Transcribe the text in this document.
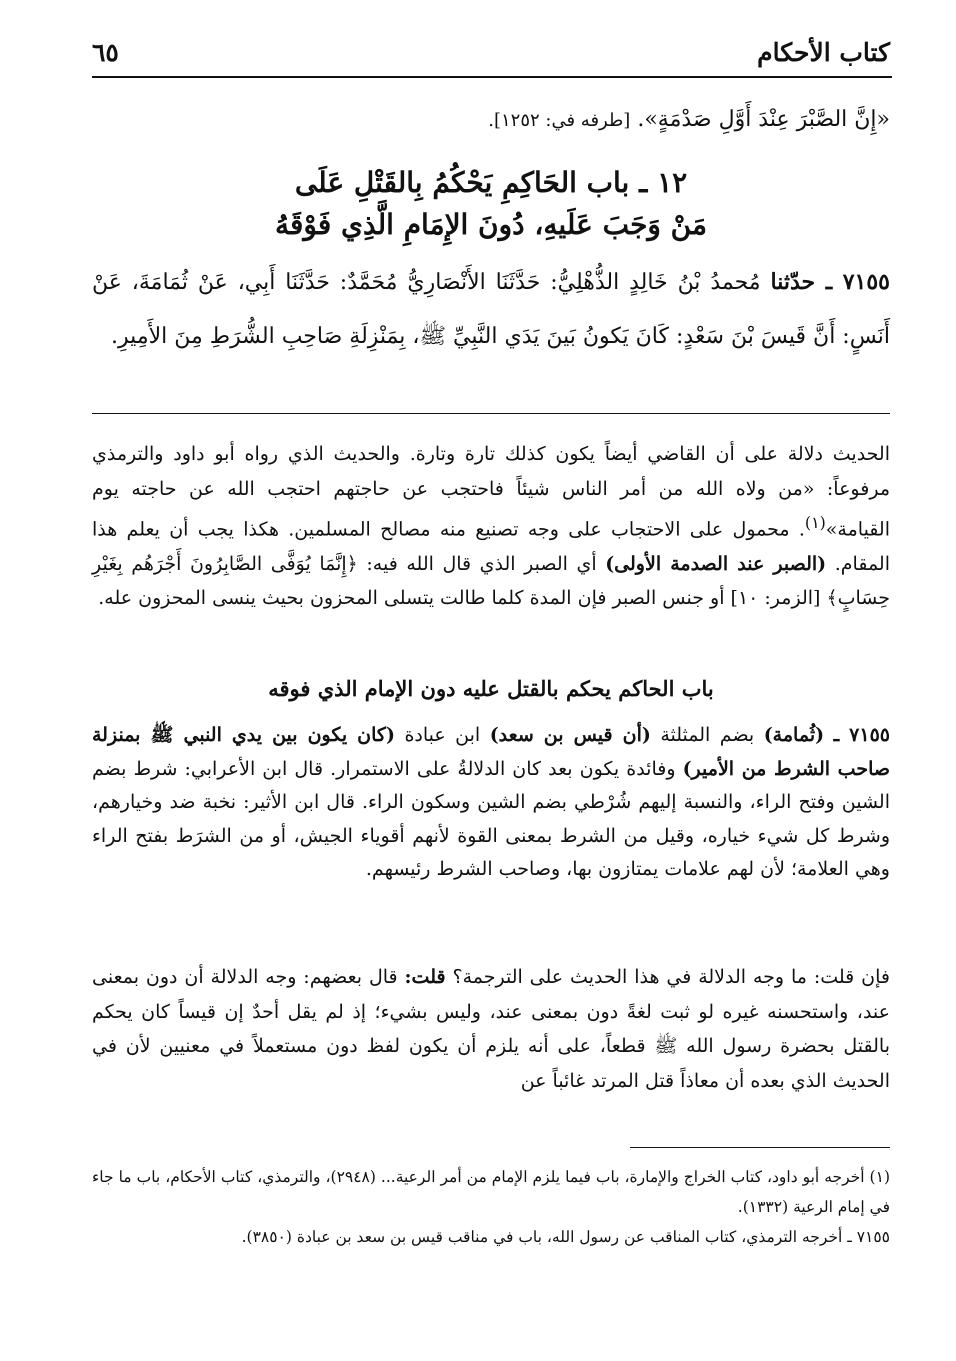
كتاب الأحكام
٦٥
«إِنَّ الصَّبْرَ عِنْدَ أَوَّلِ صَدْمَةٍ». [طرفه في: ١٢٥٢].
١٢ ـ باب الحَاكِمِ يَحْكُمُ بِالقَتْلِ عَلَى
مَنْ وَجَبَ عَلَيهِ، دُونَ الإِمَامِ الَّذِي فَوْقَهُ
٧١٥٥ ـ حدّثنا مُحمدُ بْنُ خَالِدٍ الذُّهْلِيُّ: حَدَّثَنَا الأَنْصَارِيُّ مُحَمَّدٌ: حَدَّثَنَا أَبِي، عَنْ ثُمَامَةَ، عَنْ أَنَسٍ: أَنَّ قَيسَ بْنَ سَعْدٍ: كَانَ يَكونُ بَينَ يَدَي النَّبِيِّ ﷺ، بِمَنْزِلَةِ صَاحِبِ الشُّرَطِ مِنَ الأَمِيرِ.
الحديث دلالة على أن القاضي أيضاً يكون كذلك تارة وتارة. والحديث الذي رواه أبو داود والترمذي مرفوعاً: «من ولاه الله من أمر الناس شيئاً فاحتجب عن حاجتهم احتجب الله عن حاجته يوم القيامة»$^{(١)}$. محمول على الاحتجاب على وجه تصنيع منه مصالح المسلمين. هكذا يجب أن يعلم هذا المقام. (الصبر عند الصدمة الأولى) أي الصبر الذي قال الله فيه: ﴿إِنَّمَا يُوَفَّى الصَّابِرُونَ أَجْرَهُم بِغَيْرِ حِسَابٍ﴾ [الزمر: ١٠] أو جنس الصبر فإن المدة كلما طالت يتسلى المحزون بحيث ينسى المحزون عله.
باب الحاكم يحكم بالقتل عليه دون الإمام الذي فوقه
٧١٥٥ ـ (ثُمامة) بضم المثلثة (أن قيس بن سعد) ابن عبادة (كان يكون بين يدي النبي ﷺ بمنزلة صاحب الشرط من الأمير) وفائدة يكون بعد كان الدلالةُ على الاستمرار. قال ابن الأعرابي: شرط بضم الشين وفتح الراء، والنسبة إليهم شُرْطي بضم الشين وسكون الراء. قال ابن الأثير: نخبة ضد وخيارهم، وشرط كل شيء خياره، وقيل من الشرط بمعنى القوة لأنهم أقوياء الجيش، أو من الشرَط بفتح الراء وهي العلامة؛ لأن لهم علامات يمتازون بها، وصاحب الشرط رئيسهم.
فإن قلت: ما وجه الدلالة في هذا الحديث على الترجمة؟ قلت: قال بعضهم: وجه الدلالة أن دون بمعنى عند، واستحسنه غيره لو ثبت لغةً دون بمعنى عند، وليس بشيء؛ إذ لم يقل أحدٌ إن قيساً كان يحكم بالقتل بحضرة رسول الله ﷺ قطعاً، على أنه يلزم أن يكون لفظ دون مستعملاً في معنيين لأن في الحديث الذي بعده أن معاذاً قتل المرتد غائباً عن

(١) أخرجه أبو داود، كتاب الخراج والإمارة، باب فيما يلزم الإمام من أمر الرعية... (٢٩٤٨)، والترمذي، كتاب الأحكام، باب ما جاء في إمام الرعية (١٣٣٢).

٧١٥٥ ـ أخرجه الترمذي، كتاب المناقب عن رسول الله، باب في مناقب قيس بن سعد بن عبادة (٣٨٥٠).
